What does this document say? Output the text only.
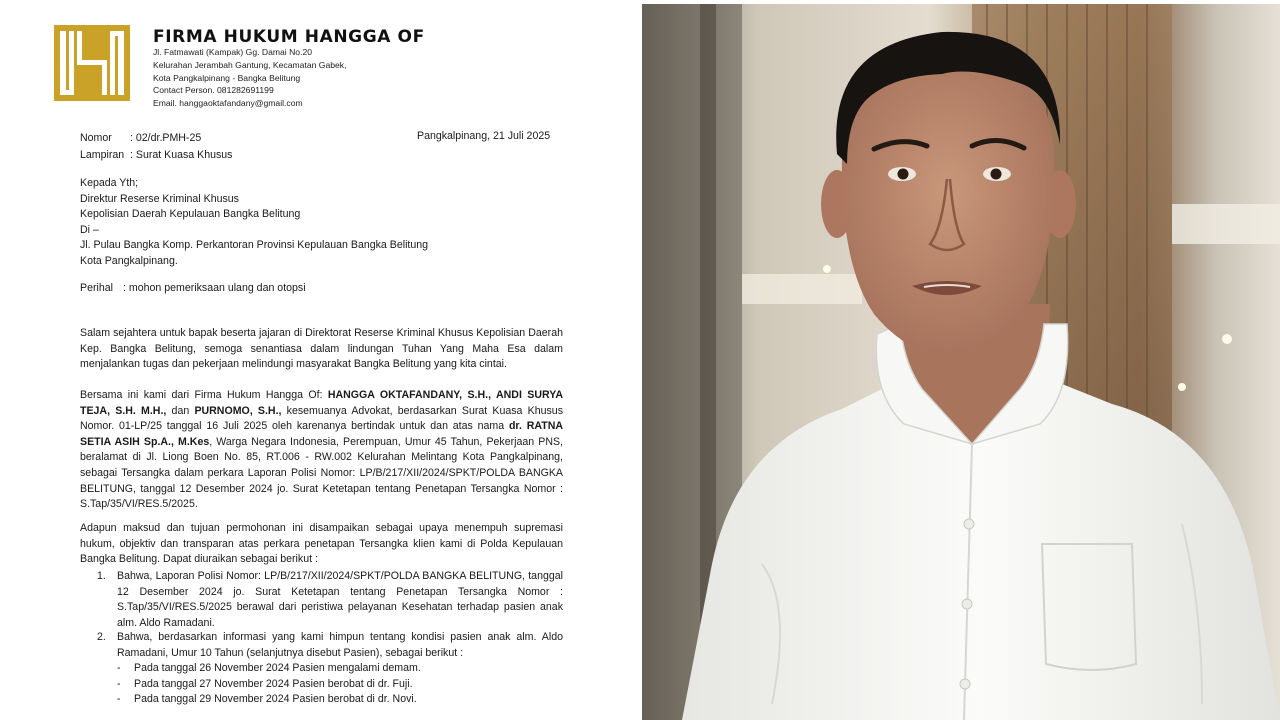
FIRMA HUKUM HANGGA OF
Jl. Fatmawati (Kampak) Gg. Damai No.20
Kelurahan Jerambah Gantung, Kecamatan Gabek,
Kota Pangkalpinang - Bangka Belitung
Contact Person. 081282691199
Email. hanggaoktafandany@gmail.com
Nomor : 02/dr.PMH-25
Lampiran : Surat Kuasa Khusus
Pangkalpinang, 21 Juli 2025
Kepada Yth;
Direktur Reserse Kriminal Khusus
Kepolisian Daerah Kepulauan Bangka Belitung
Di –
Jl. Pulau Bangka Komp. Perkantoran Provinsi Kepulauan Bangka Belitung
Kota Pangkalpinang.
Perihal : mohon pemeriksaan ulang dan otopsi

Salam sejahtera untuk bapak beserta jajaran di Direktorat Reserse Kriminal Khusus Kepolisian Daerah Kep. Bangka Belitung, semoga senantiasa dalam lindungan Tuhan Yang Maha Esa dalam menjalankan tugas dan pekerjaan melindungi masyarakat Bangka Belitung yang kita cintai.

Bersama ini kami dari Firma Hukum Hangga Of: HANGGA OKTAFANDANY, S.H., ANDI SURYA TEJA, S.H. M.H., dan PURNOMO, S.H., kesemuanya Advokat, berdasarkan Surat Kuasa Khusus Nomor. 01-LP/25 tanggal 16 Juli 2025 oleh karenanya bertindak untuk dan atas nama dr. RATNA SETIA ASIH Sp.A., M.Kes, Warga Negara Indonesia, Perempuan, Umur 45 Tahun, Pekerjaan PNS, beralamat di Jl. Liong Boen No. 85, RT.006 - RW.002 Kelurahan Melintang Kota Pangkalpinang, sebagai Tersangka dalam perkara Laporan Polisi Nomor: LP/B/217/XII/2024/SPKT/POLDA BANGKA BELITUNG, tanggal 12 Desember 2024 jo. Surat Ketetapan tentang Penetapan Tersangka Nomor : S.Tap/35/VI/RES.5/2025.

Adapun maksud dan tujuan permohonan ini disampaikan sebagai upaya menempuh supremasi hukum, objektiv dan transparan atas perkara penetapan Tersangka klien kami di Polda Kepulauan Bangka Belitung. Dapat diuraikan sebagai berikut :

1. Bahwa, Laporan Polisi Nomor: LP/B/217/XII/2024/SPKT/POLDA BANGKA BELITUNG, tanggal 12 Desember 2024 jo. Surat Ketetapan tentang Penetapan Tersangka Nomor : S.Tap/35/VI/RES.5/2025 berawal dari peristiwa pelayanan Kesehatan terhadap pasien anak alm. Aldo Ramadani.
2. Bahwa, berdasarkan informasi yang kami himpun tentang kondisi pasien anak alm. Aldo Ramadani, Umur 10 Tahun (selanjutnya disebut Pasien), sebagai berikut :
- Pada tanggal 26 November 2024 Pasien mengalami demam.
- Pada tanggal 27 November 2024 Pasien berobat di dr. Fuji.
- Pada tanggal 29 November 2024 Pasien berobat di dr. Novi.
